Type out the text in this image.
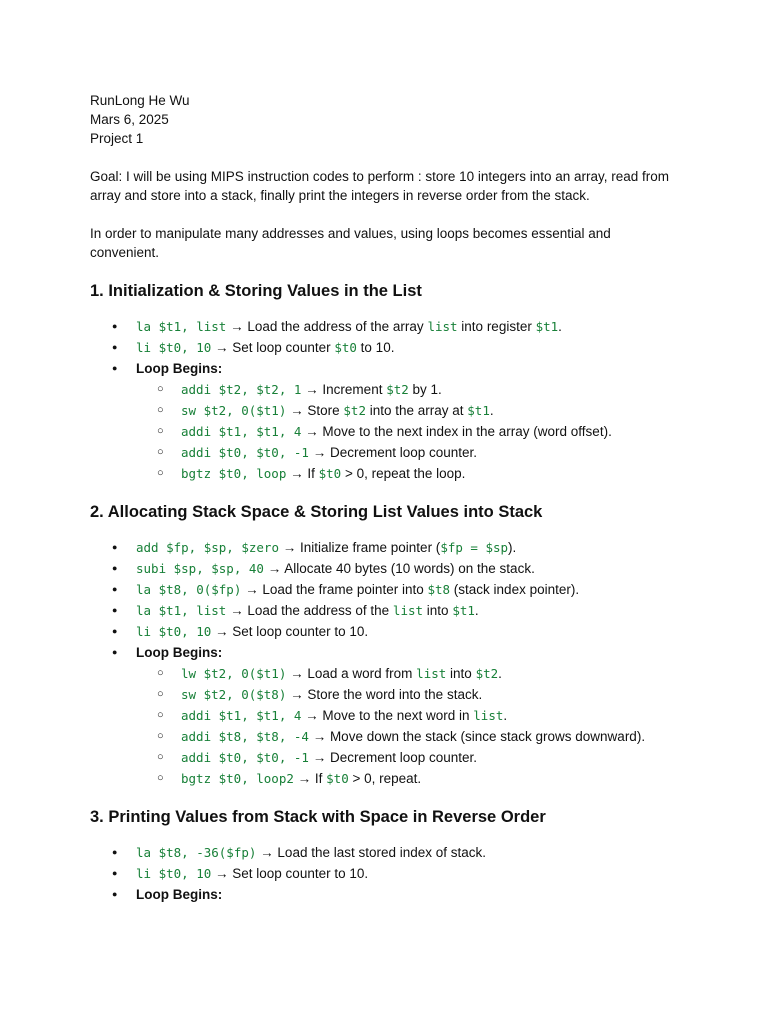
RunLong He Wu

Mars 6, 2025

Project 1

Goal: I will be using MIPS instruction codes to perform : store 10 integers into an array, read from array and store into a stack, finally print the integers in reverse order from the stack.

In order to manipulate many addresses and values, using loops becomes essential and convenient.

1. Initialization & Storing Values in the List
● la $t1, list → Load the address of the array list into register $t1.
● li $t0, 10 → Set loop counter $t0 to 10.
● Loop Begins:
○ addi $t2, $t2, 1 → Increment $t2 by 1.
○ sw $t2, 0($t1) → Store $t2 into the array at $t1.
○ addi $t1, $t1, 4 → Move to the next index in the array (word offset).
○ addi $t0, $t0, -1 → Decrement loop counter.
○ bgtz $t0, loop → If $t0 > 0, repeat the loop.
2. Allocating Stack Space & Storing List Values into Stack
● add $fp, $sp, $zero → Initialize frame pointer ($fp = $sp).
● subi $sp, $sp, 40 → Allocate 40 bytes (10 words) on the stack.
● la $t8, 0($fp) → Load the frame pointer into $t8 (stack index pointer).
● la $t1, list → Load the address of the list into $t1.
● li $t0, 10 → Set loop counter to 10.
● Loop Begins:
○ lw $t2, 0($t1) → Load a word from list into $t2.
○ sw $t2, 0($t8) → Store the word into the stack.
○ addi $t1, $t1, 4 → Move to the next word in list.
○ addi $t8, $t8, -4 → Move down the stack (since stack grows downward).
○ addi $t0, $t0, -1 → Decrement loop counter.
○ bgtz $t0, loop2 → If $t0 > 0, repeat.
3. Printing Values from Stack with Space in Reverse Order
● la $t8, -36($fp) → Load the last stored index of stack.
● li $t0, 10 → Set loop counter to 10.
● Loop Begins:
